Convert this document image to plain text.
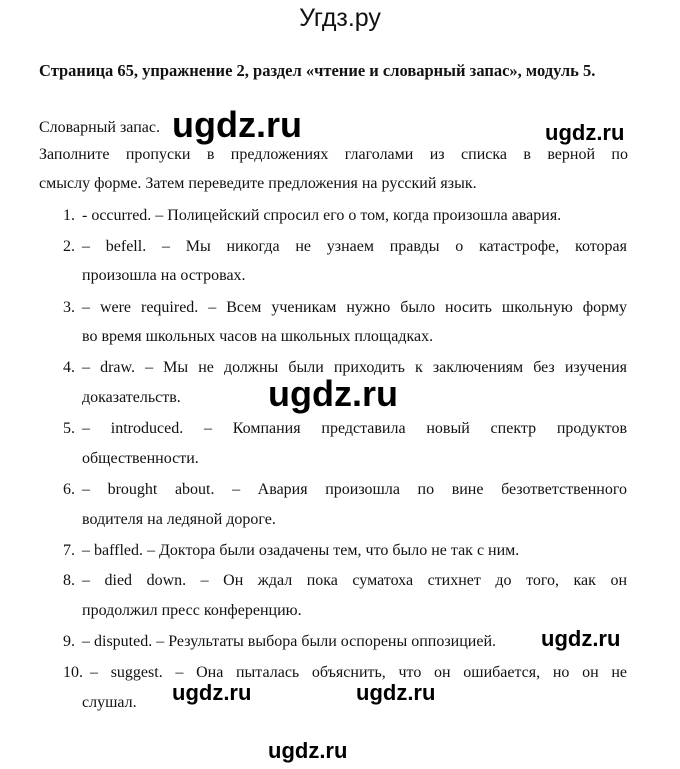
Угдз.ру
Страница 65, упражнение 2, раздел «чтение и словарный запас», модуль 5.
Словарный запас.
Заполните пропуски в предложениях глаголами из списка в верной по
смыслу форме. Затем переведите предложения на русский язык.
1. - occurred. – Полицейский спросил его о том, когда произошла авария.
2. – befell. – Мы никогда не узнаем правды о катастрофе, которая
произошла на островах.
3. – were required. – Всем ученикам нужно было носить школьную форму
во время школьных часов на школьных площадках.
4. – draw. – Мы не должны были приходить к заключениям без изучения
доказательств.
5. – introduced. – Компания представила новый спектр продуктов
общественности.
6. – brought about. – Авария произошла по вине безответственного
водителя на ледяной дороге.
7. – baffled. – Доктора были озадачены тем, что было не так с ним.
8. – died down. – Он ждал пока суматоха стихнет до того, как он
продолжил пресс конференцию.
9. – disputed. – Результаты выбора были оспорены оппозицией.
10. – suggest. – Она пыталась объяснить, что он ошибается, но он не
слушал.
ugdz.ru	ugdz.ru
ugdz.ru
ugdz.ru
ugdz.ru	ugdz.ru
ugdz.ru
